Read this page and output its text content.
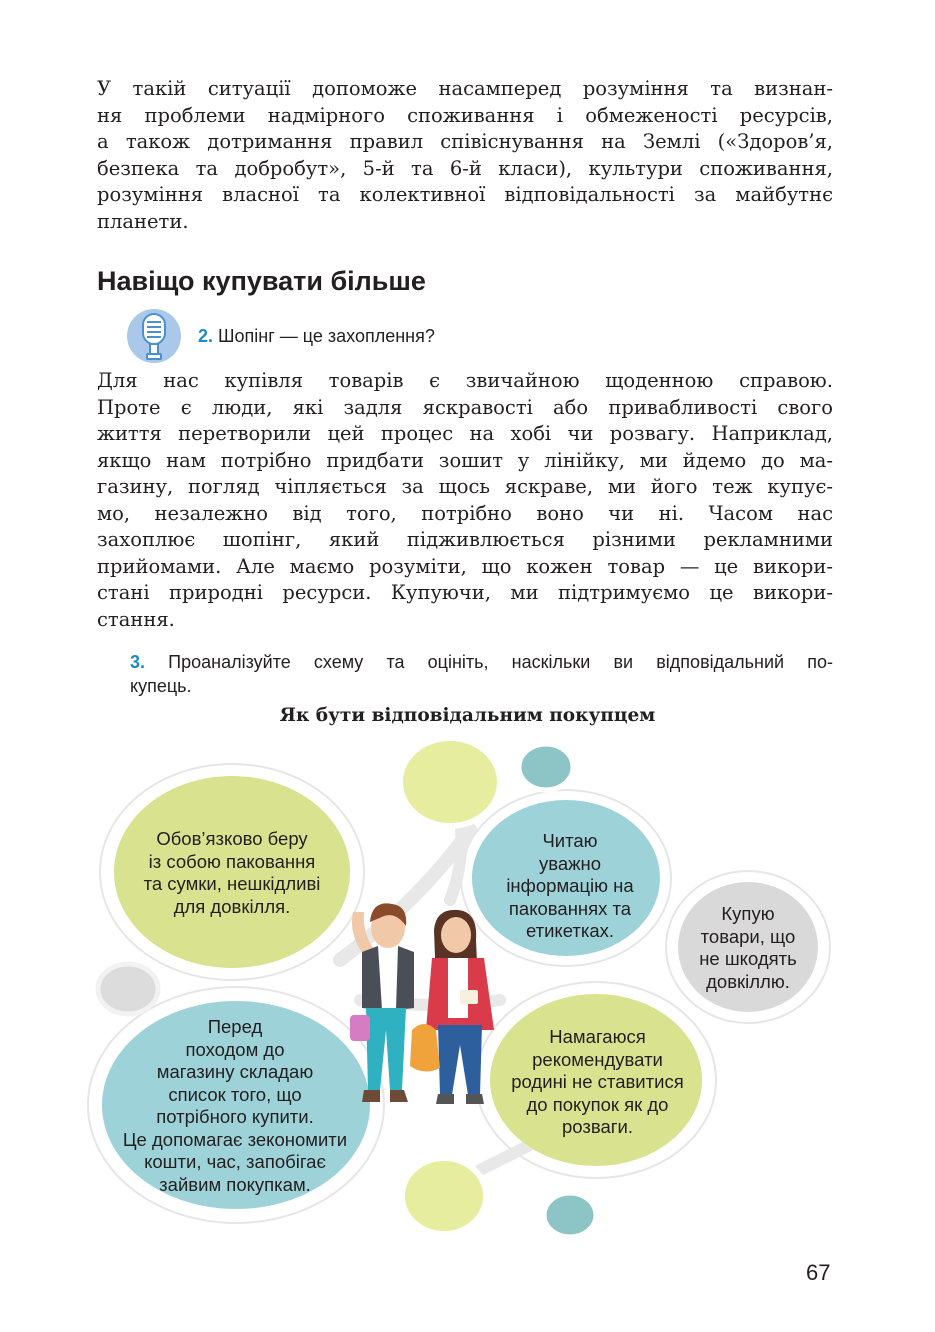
У такій ситуації допоможе насамперед розуміння та визнан-
ня проблеми надмірного споживання і обмеженості ресурсів,
а також дотримання правил співіснування на Землі («Здоров’я,
безпека та добробут», 5-й та 6-й класи), культури споживання,
розуміння власної та колективної відповідальності за майбутнє
планети.

Навіщо купувати більше
2. Шопінг — це захоплення?

Для нас купівля товарів є звичайною щоденною справою.
Проте є люди, які задля яскравості або привабливості свого
життя перетворили цей процес на хобі чи розвагу. Наприклад,
якщо нам потрібно придбати зошит у лінійку, ми йдемо до ма-
газину, погляд чіпляється за щось яскраве, ми його теж купує-
мо, незалежно від того, потрібно воно чи ні. Часом нас
захоплює шопінг, який підживлюється різними рекламними
прийомами. Але маємо розуміти, що кожен товар — це викори-
стані природні ресурси. Купуючи, ми підтримуємо це викори-
стання.

3. Проаналізуйте схему та оцініть, наскільки ви відповідальний по-
купець.
Як бути відповідальним покупцем
Обов’язково беру
із собою паковання
та сумки, нешкідливі
для довкілля.
Читаю
уважно
інформацію на
пакованнях та
етикетках.
Купую
товари, що
не шкодять
довкіллю.
Перед
походом до
магазину складаю
список того, що
потрібного купити.
Це допомагає зекономити
кошти, час, запобігає
зайвим покупкам.
Намагаюся
рекомендувати
родині не ставитися
до покупок як до
розваги.
67
